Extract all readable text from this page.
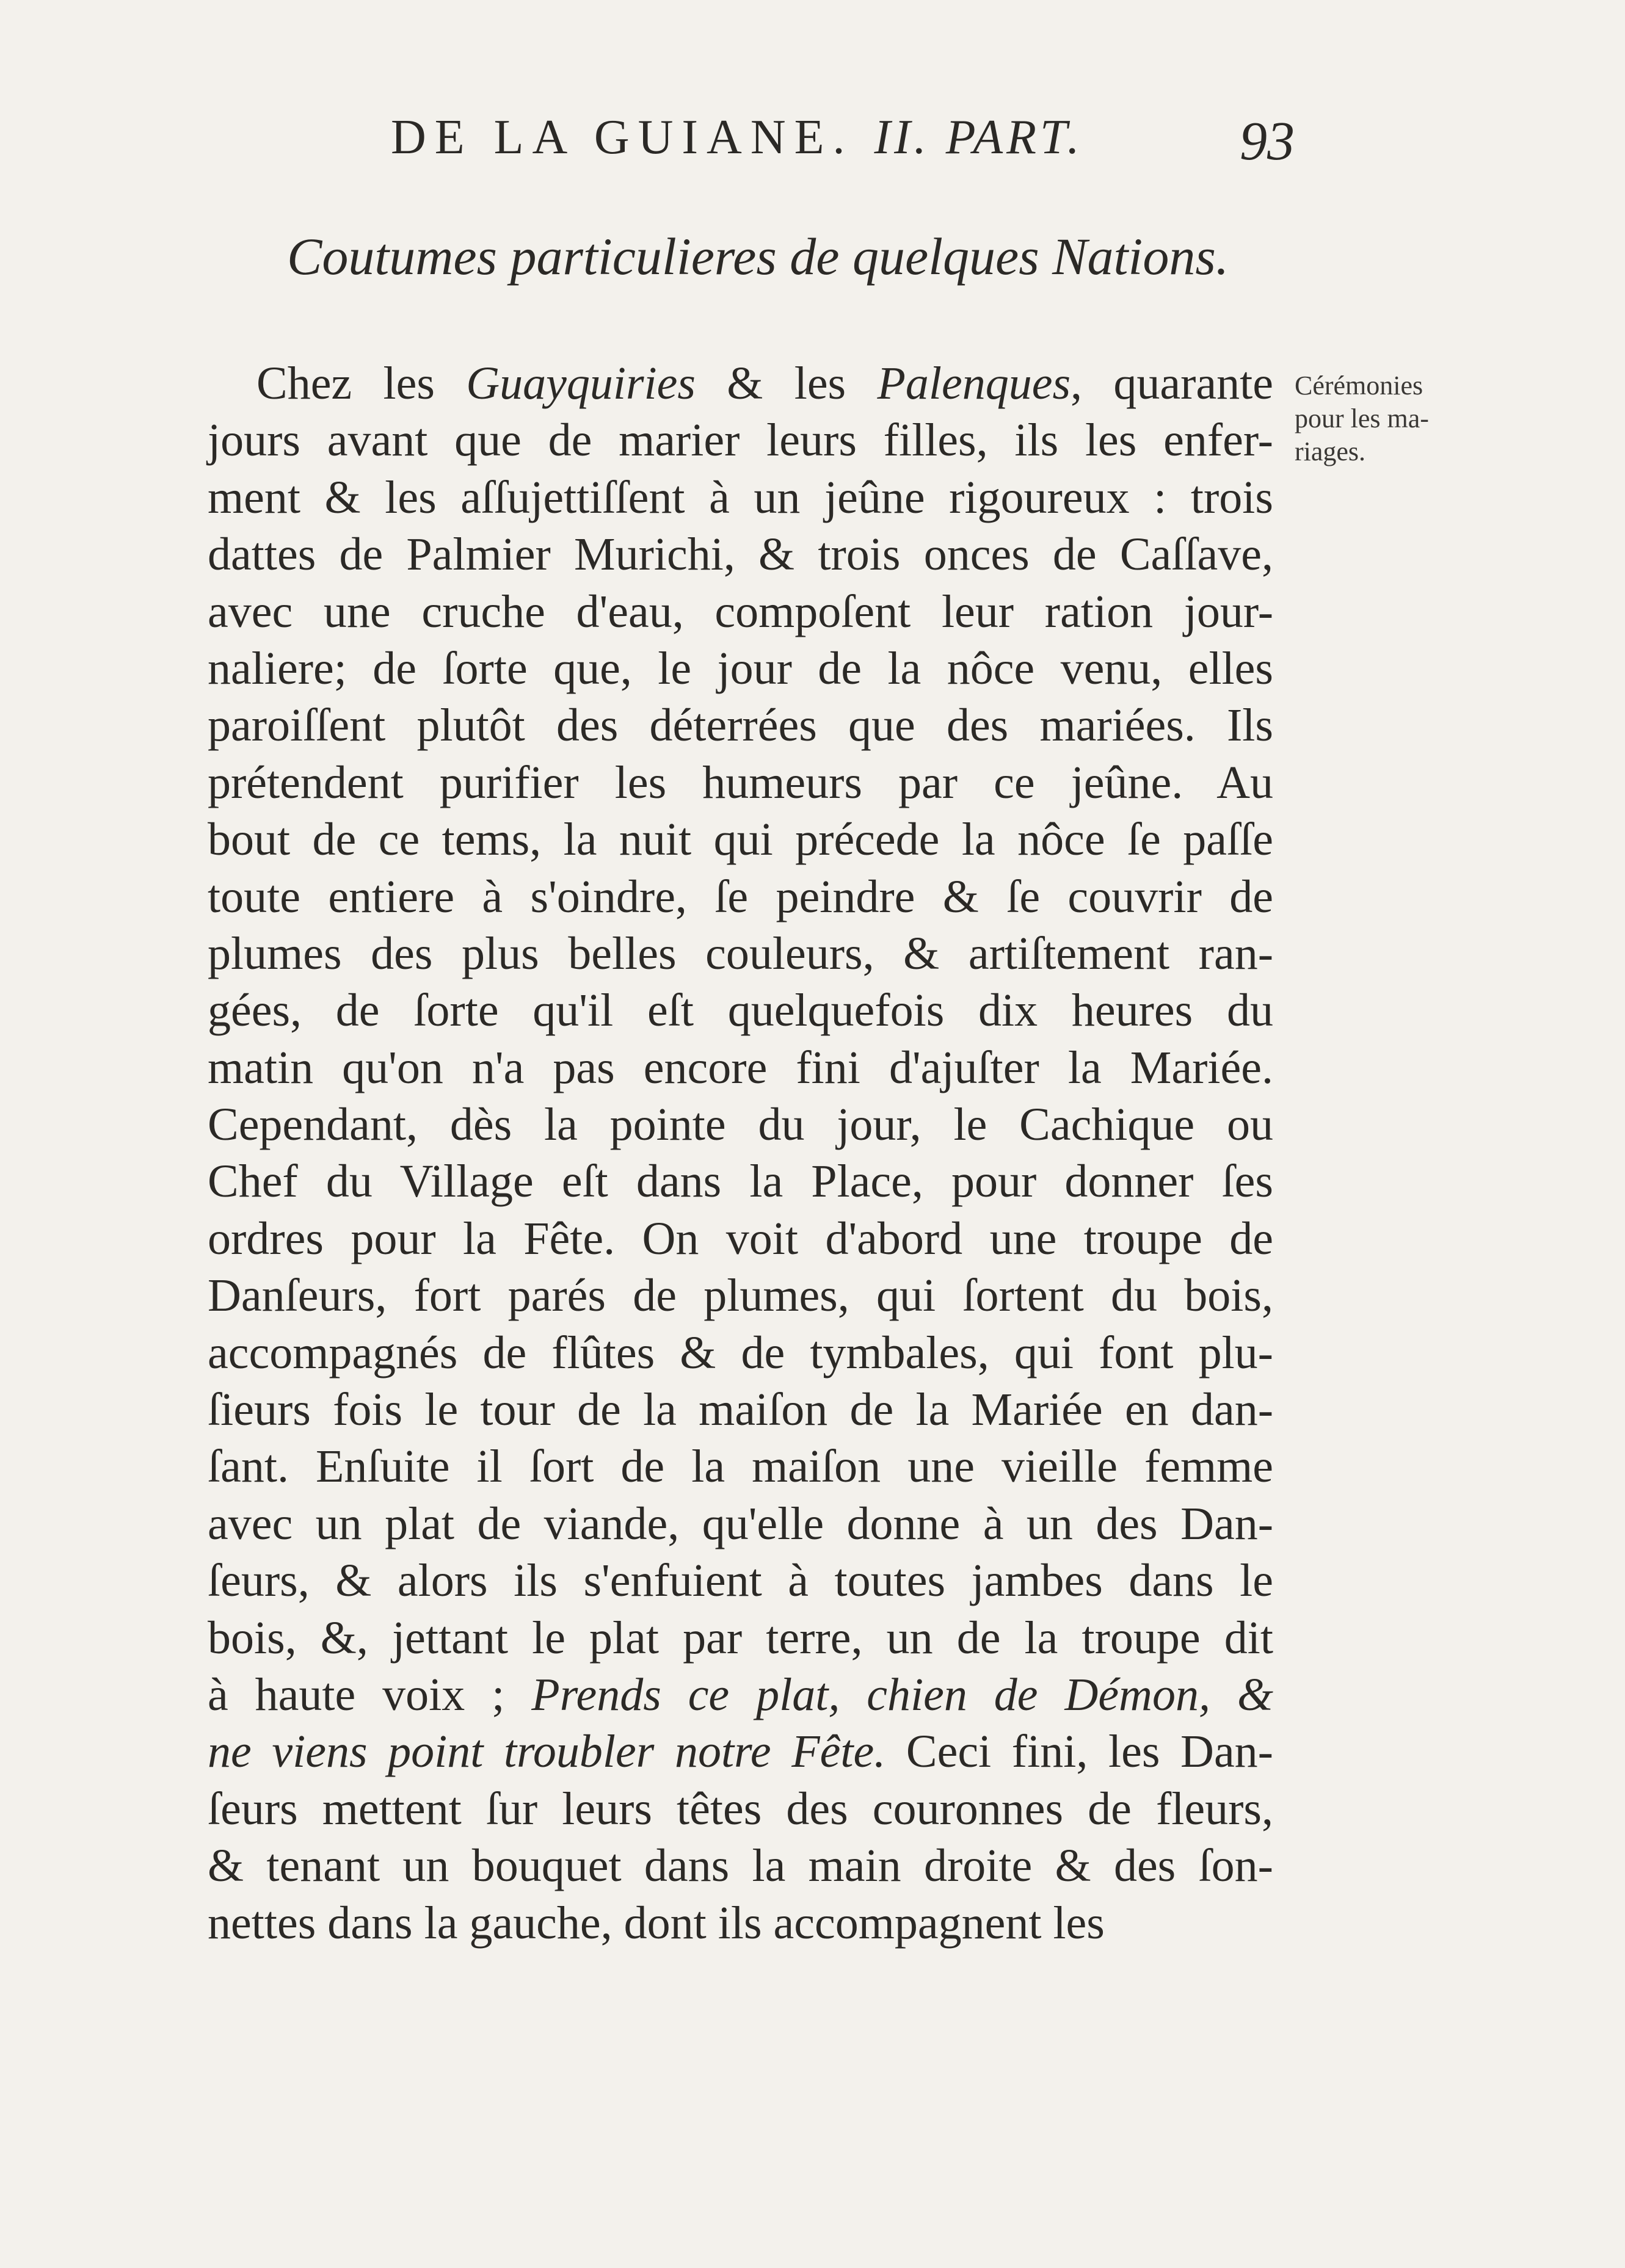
DE LA GUIANE. II. PART.	93
Coutumes particulieres de quelques Nations.
Chez les Guayquiries & les Palenques, quarante
jours avant que de marier leurs filles, ils les enfer-
ment & les aſſujettiſſent à un jeûne rigoureux : trois
dattes de Palmier Murichi, & trois onces de Caſſave,
avec une cruche d'eau, compoſent leur ration jour-
naliere; de ſorte que, le jour de la nôce venu, elles
paroiſſent plutôt des déterrées que des mariées. Ils
prétendent purifier les humeurs par ce jeûne. Au
bout de ce tems, la nuit qui précede la nôce ſe paſſe
toute entiere à s'oindre, ſe peindre & ſe couvrir de
plumes des plus belles couleurs, & artiſtement ran-
gées, de ſorte qu'il eſt quelquefois dix heures du
matin qu'on n'a pas encore fini d'ajuſter la Mariée.
Cependant, dès la pointe du jour, le Cachique ou
Chef du Village eſt dans la Place, pour donner ſes
ordres pour la Fête. On voit d'abord une troupe de
Danſeurs, fort parés de plumes, qui ſortent du bois,
accompagnés de flûtes & de tymbales, qui font plu-
ſieurs fois le tour de la maiſon de la Mariée en dan-
ſant. Enſuite il ſort de la maiſon une vieille femme
avec un plat de viande, qu'elle donne à un des Dan-
ſeurs, & alors ils s'enfuient à toutes jambes dans le
bois, &, jettant le plat par terre, un de la troupe dit
à haute voix ; Prends ce plat, chien de Démon, &
ne viens point troubler notre Fête. Ceci fini, les Dan-
ſeurs mettent ſur leurs têtes des couronnes de fleurs,
& tenant un bouquet dans la main droite & des ſon-
nettes dans la gauche, dont ils accompagnent les
Cérémonies
pour les ma-
riages.
